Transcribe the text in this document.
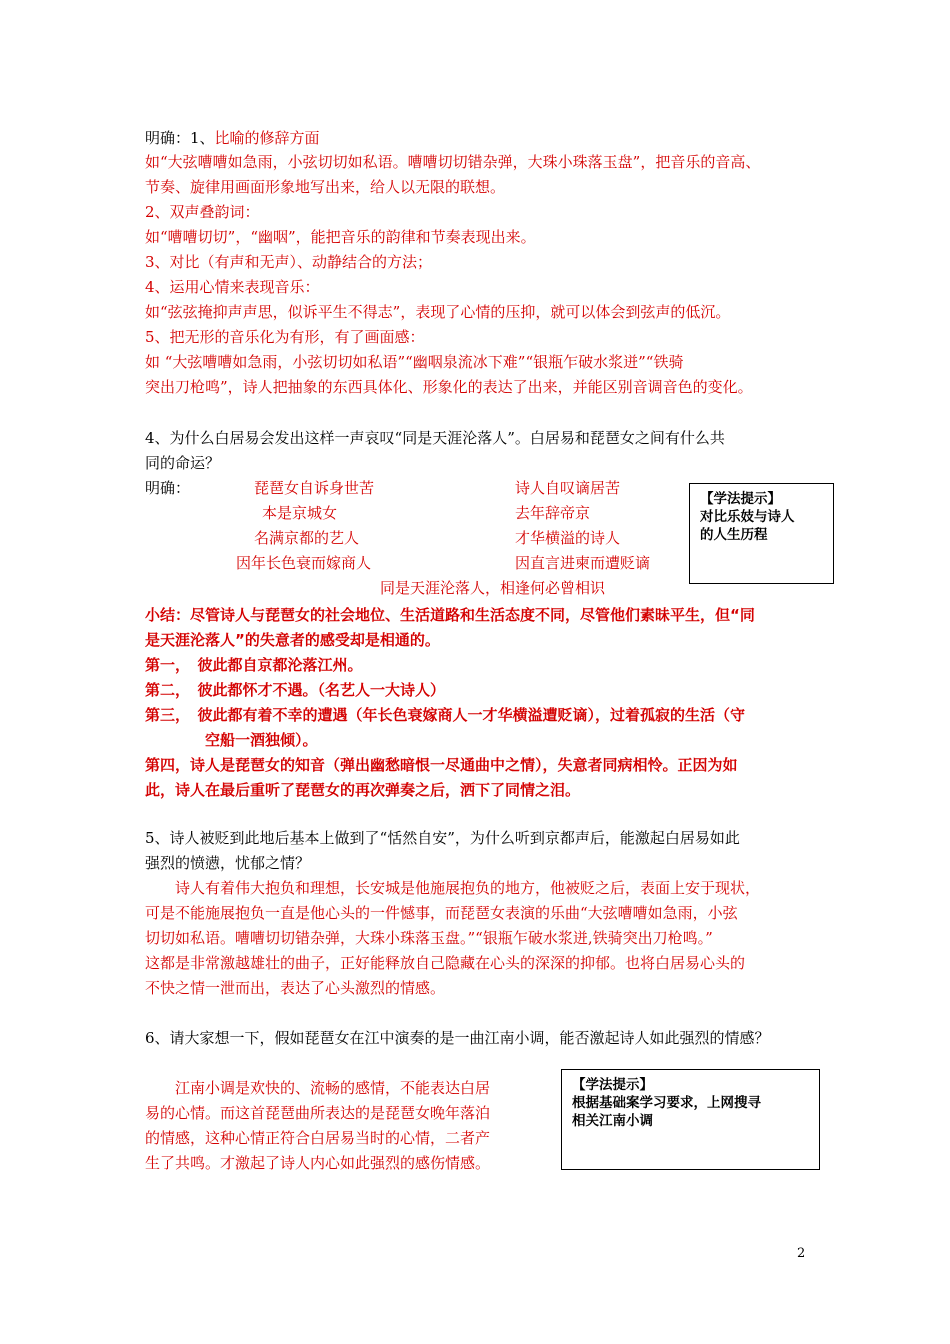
明确：1、比喻的修辞方面
如“大弦嘈嘈如急雨，小弦切切如私语。嘈嘈切切错杂弹，大珠小珠落玉盘”，把音乐的音高、
节奏、旋律用画面形象地写出来，给人以无限的联想。
2、双声叠韵词：
如“嘈嘈切切”，“幽咽”，能把音乐的韵律和节奏表现出来。
3、对比（有声和无声）、动静结合的方法；
4、运用心情来表现音乐：
如“弦弦掩抑声声思，似诉平生不得志”，表现了心情的压抑，就可以体会到弦声的低沉。
5、把无形的音乐化为有形，有了画面感：
如 “大弦嘈嘈如急雨，小弦切切如私语”“幽咽泉流冰下难”“银瓶乍破水浆迸”“铁骑
突出刀枪鸣”，诗人把抽象的东西具体化、形象化的表达了出来，并能区别音调音色的变化。
4、为什么白居易会发出这样一声哀叹“同是天涯沦落人”。白居易和琵琶女之间有什么共
同的命运？
明确：	琵琶女自诉身世苦
本是京城女
名满京都的艺人
因年长色衰而嫁商人
诗人自叹谪居苦
去年辞帝京
才华横溢的诗人
因直言进柬而遭贬谪
同是天涯沦落人，相逢何必曾相识
【学法提示】
对比乐妓与诗人
的人生历程
小结：尽管诗人与琵琶女的社会地位、生活道路和生活态度不同，尽管他们素昧平生，但“同
是天涯沦落人”的失意者的感受却是相通的。
第一，　彼此都自京都沦落江州。
第二，　彼此都怀才不遇。（名艺人一大诗人）
第三，　彼此都有着不幸的遭遇（年长色衰嫁商人一才华横溢遭贬谪），过着孤寂的生活（守
　　　　空船一酒独倾）。
第四，诗人是琵琶女的知音（弹出幽愁暗恨一尽通曲中之情），失意者同病相怜。正因为如
此，诗人在最后重听了琵琶女的再次弹奏之后，洒下了同情之泪。
5、诗人被贬到此地后基本上做到了“恬然自安”，为什么听到京都声后，能激起白居易如此
强烈的愤懑，忧郁之情？
　　诗人有着伟大抱负和理想，长安城是他施展抱负的地方，他被贬之后，表面上安于现状，
可是不能施展抱负一直是他心头的一件憾事，而琵琶女表演的乐曲“大弦嘈嘈如急雨，小弦
切切如私语。嘈嘈切切错杂弹，大珠小珠落玉盘。”“银瓶乍破水浆迸,铁骑突出刀枪鸣。”
这都是非常激越雄壮的曲子，正好能释放自己隐藏在心头的深深的抑郁。也将白居易心头的
不快之情一泄而出，表达了心头激烈的情感。
6、请大家想一下，假如琵琶女在江中演奏的是一曲江南小调，能否激起诗人如此强烈的情感？
　　江南小调是欢快的、流畅的感情，不能表达白居
易的心情。而这首琵琶曲所表达的是琵琶女晚年落泊
的情感，这种心情正符合白居易当时的心情，二者产
生了共鸣。才激起了诗人内心如此强烈的感伤情感。
【学法提示】
根据基础案学习要求，上网搜寻
相关江南小调
2
